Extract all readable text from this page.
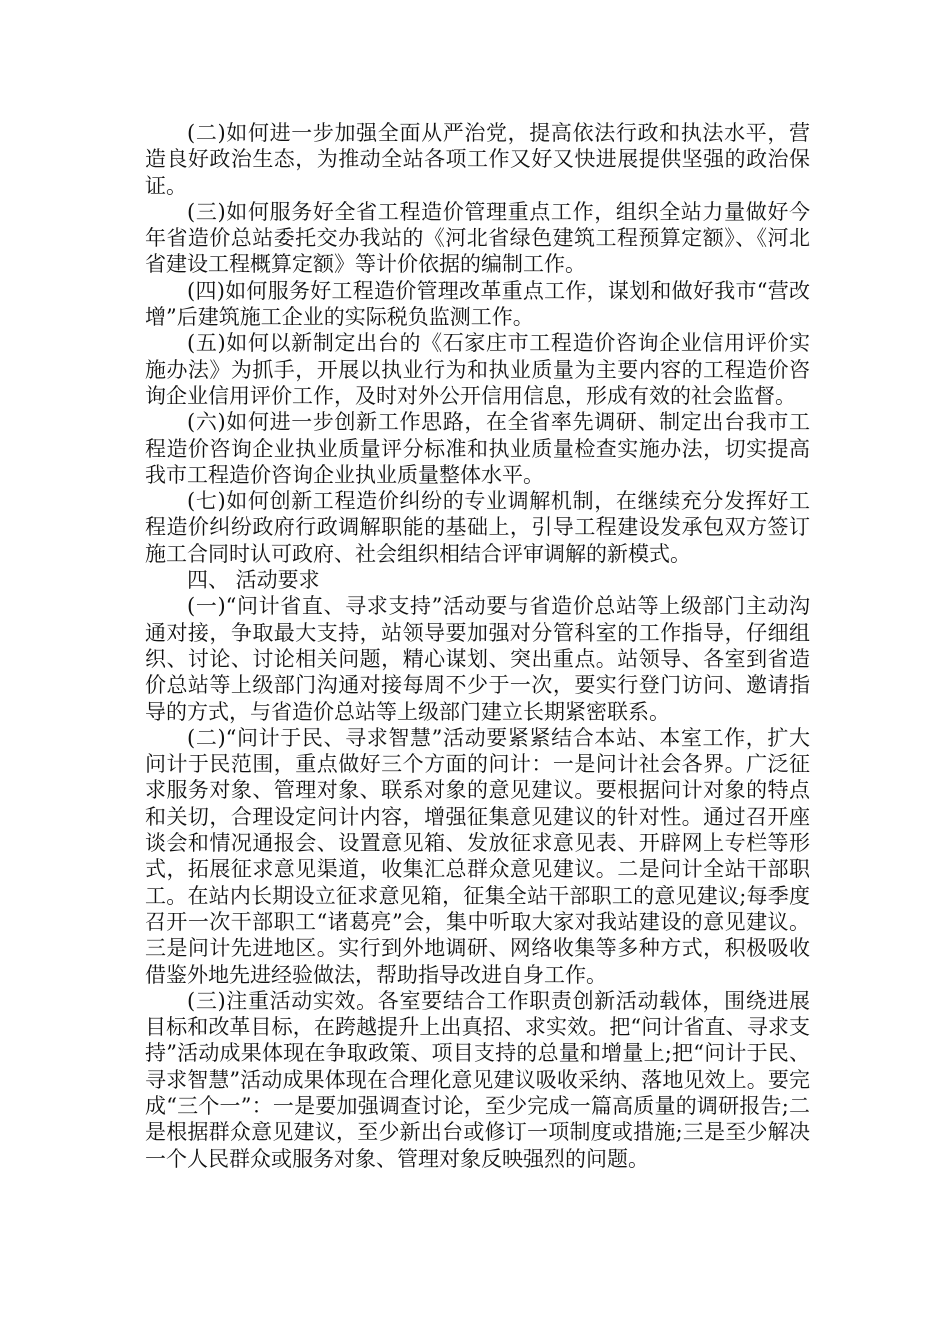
(二)如何进一步加强全面从严治党，提高依法行政和执法水平，营造良好政治生态，为推动全站各项工作又好又快进展提供坚强的政治保证。

(三)如何服务好全省工程造价管理重点工作，组织全站力量做好今年省造价总站委托交办我站的《河北省绿色建筑工程预算定额》、《河北省建设工程概算定额》等计价依据的编制工作。

(四)如何服务好工程造价管理改革重点工作，谋划和做好我市“营改增”后建筑施工企业的实际税负监测工作。

(五)如何以新制定出台的《石家庄市工程造价咨询企业信用评价实施办法》为抓手，开展以执业行为和执业质量为主要内容的工程造价咨询企业信用评价工作，及时对外公开信用信息，形成有效的社会监督。

(六)如何进一步创新工作思路，在全省率先调研、制定出台我市工程造价咨询企业执业质量评分标准和执业质量检查实施办法，切实提高我市工程造价咨询企业执业质量整体水平。

(七)如何创新工程造价纠纷的专业调解机制，在继续充分发挥好工程造价纠纷政府行政调解职能的基础上，引导工程建设发承包双方签订施工合同时认可政府、社会组织相结合评审调解的新模式。

四、 活动要求

(一)“问计省直、寻求支持”活动要与省造价总站等上级部门主动沟通对接，争取最大支持，站领导要加强对分管科室的工作指导，仔细组织、讨论、讨论相关问题，精心谋划、突出重点。站领导、各室到省造价总站等上级部门沟通对接每周不少于一次，要实行登门访问、邀请指导的方式，与省造价总站等上级部门建立长期紧密联系。

(二)“问计于民、寻求智慧”活动要紧紧结合本站、本室工作，扩大问计于民范围，重点做好三个方面的问计：一是问计社会各界。广泛征求服务对象、管理对象、联系对象的意见建议。要根据问计对象的特点和关切，合理设定问计内容，增强征集意见建议的针对性。通过召开座谈会和情况通报会、设置意见箱、发放征求意见表、开辟网上专栏等形式，拓展征求意见渠道，收集汇总群众意见建议。二是问计全站干部职工。在站内长期设立征求意见箱，征集全站干部职工的意见建议;每季度召开一次干部职工“诸葛亮”会，集中听取大家对我站建设的意见建议。三是问计先进地区。实行到外地调研、网络收集等多种方式，积极吸收借鉴外地先进经验做法，帮助指导改进自身工作。

(三)注重活动实效。各室要结合工作职责创新活动载体，围绕进展目标和改革目标，在跨越提升上出真招、求实效。把“问计省直、寻求支持”活动成果体现在争取政策、项目支持的总量和增量上;把“问计于民、寻求智慧”活动成果体现在合理化意见建议吸收采纳、落地见效上。要完成“三个一”：一是要加强调查讨论，至少完成一篇高质量的调研报告;二是根据群众意见建议，至少新出台或修订一项制度或措施;三是至少解决一个人民群众或服务对象、管理对象反映强烈的问题。
